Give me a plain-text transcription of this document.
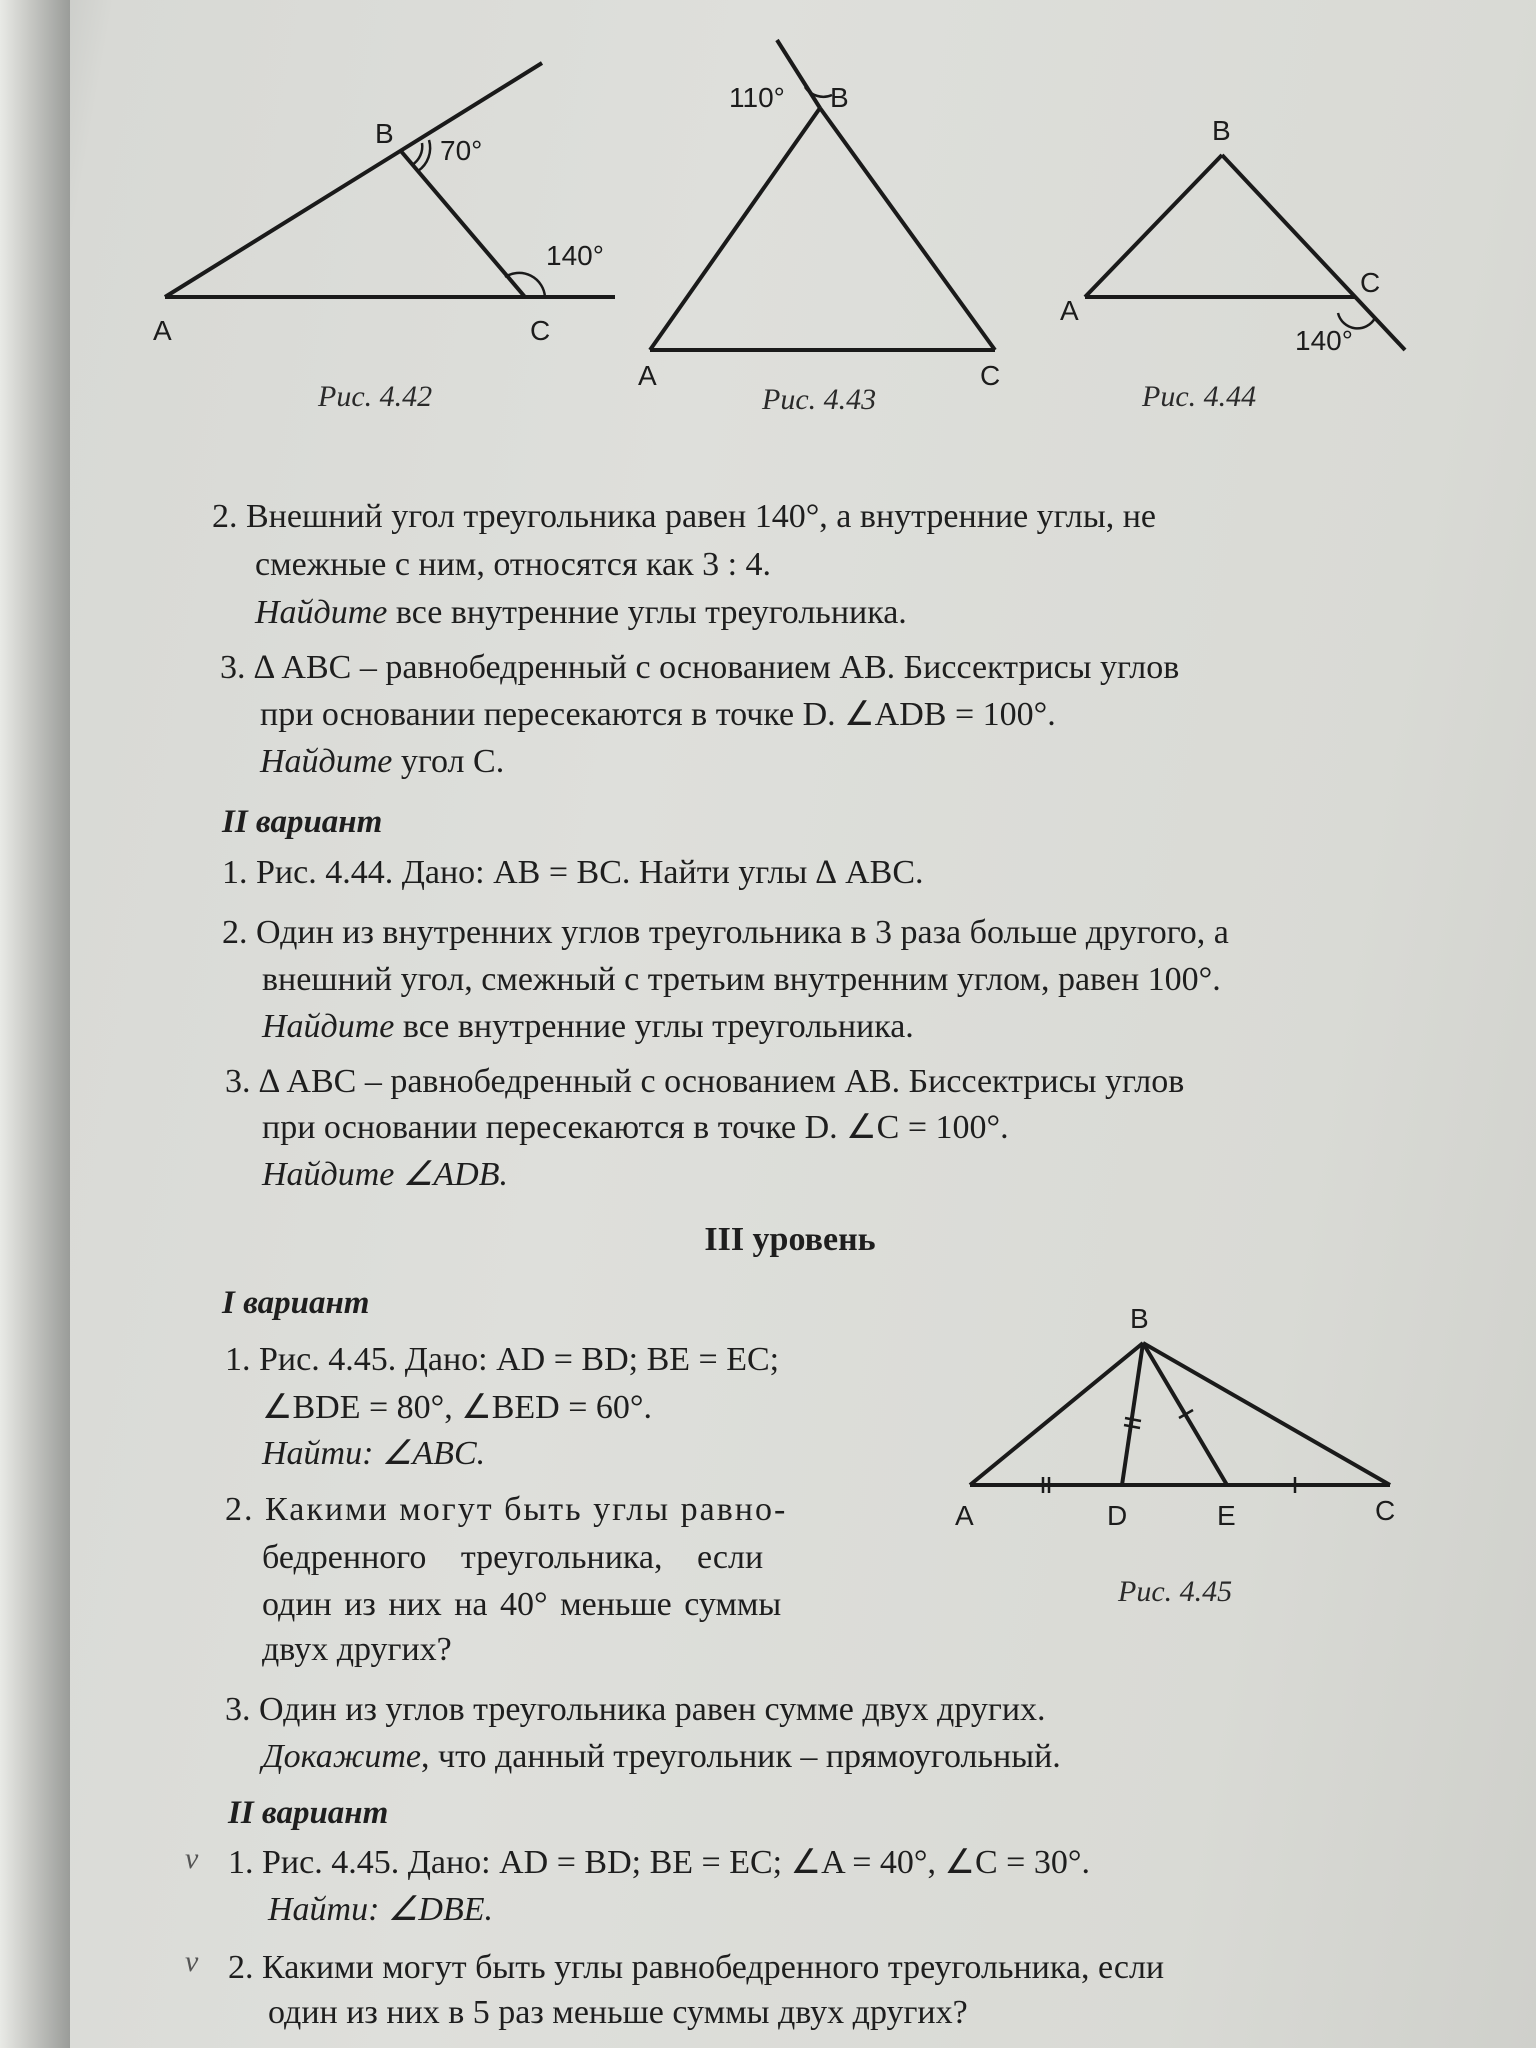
A
B
C
70°
140°
Рис. 4.42
A
B
C
110°
Рис. 4.43
A
B
C
140°
Рис. 4.44
2. Внешний угол треугольника равен 140°, а внутренние углы, не
смежные с ним, относятся как 3 : 4.
Найдите все внутренние углы треугольника.
3. ∆ ABC – равнобедренный с основанием AB. Биссектрисы углов
при основании пересекаются в точке D. ∠ADB = 100°.
Найдите угол C.
II вариант
1. Рис. 4.44. Дано: AB = BC. Найти углы ∆ ABC.
2. Один из внутренних углов треугольника в 3 раза больше другого, а
внешний угол, смежный с третьим внутренним углом, равен 100°.
Найдите все внутренние углы треугольника.
3. ∆ ABC – равнобедренный с основанием AB. Биссектрисы углов
при основании пересекаются в точке D. ∠C = 100°.
Найдите ∠ADB.
III уровень
I вариант
1. Рис. 4.45. Дано: AD = BD; BE = EC;
∠BDE = 80°, ∠BED = 60°.
Найти: ∠ABC.
2. Какими могут быть углы равно-
бедренного треугольника, если
один из них на 40° меньше суммы
двух других?
A
B
C
D	E
Рис. 4.45
3. Один из углов треугольника равен сумме двух других.
Докажите, что данный треугольник – прямоугольный.
II вариант
v 1. Рис. 4.45. Дано: AD = BD; BE = EC; ∠A = 40°, ∠C = 30°.
Найти: ∠DBE.
v 2. Какими могут быть углы равнобедренного треугольника, если
один из них в 5 раз меньше суммы двух других?
